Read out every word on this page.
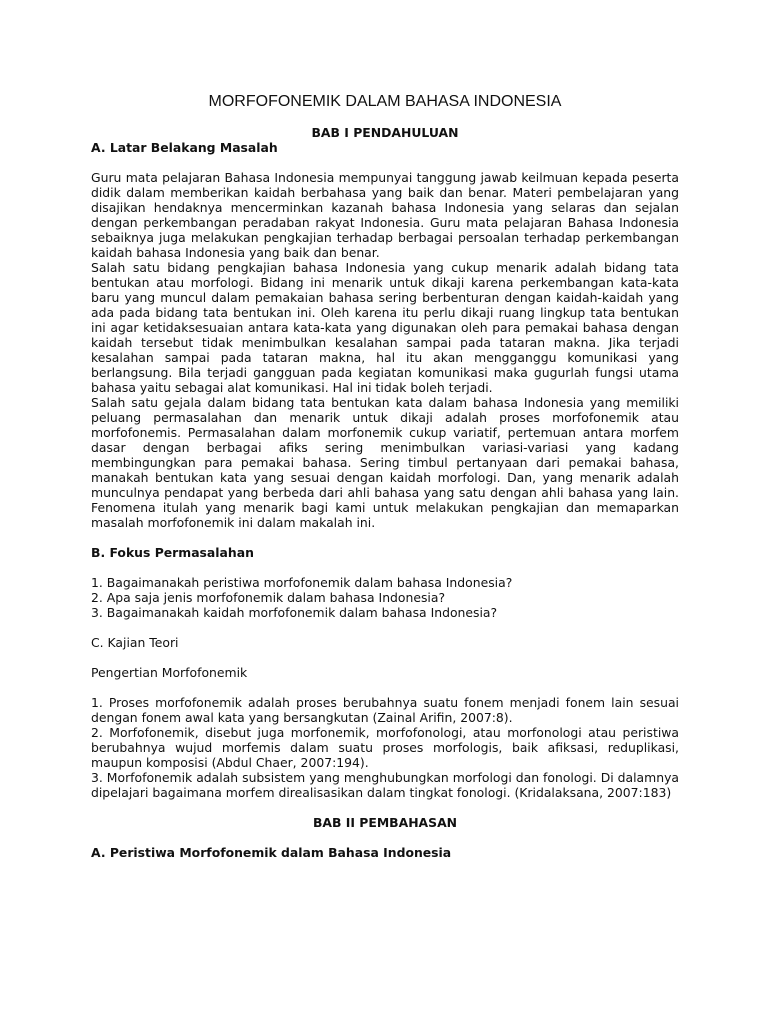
MORFOFONEMIK DALAM BAHASA INDONESIA

BAB I PENDAHULUAN

A. Latar Belakang Masalah

Guru mata pelajaran Bahasa Indonesia mempunyai tanggung jawab keilmuan kepada peserta didik dalam memberikan kaidah berbahasa yang baik dan benar. Materi pembelajaran yang disajikan hendaknya mencerminkan kazanah bahasa Indonesia yang selaras dan sejalan dengan perkembangan peradaban rakyat Indonesia. Guru mata pelajaran Bahasa Indonesia sebaiknya juga melakukan pengkajian terhadap berbagai persoalan terhadap perkembangan kaidah bahasa Indonesia yang baik dan benar.

Salah satu bidang pengkajian bahasa Indonesia yang cukup menarik adalah bidang tata bentukan atau morfologi. Bidang ini menarik untuk dikaji karena perkembangan kata-kata baru yang muncul dalam pemakaian bahasa sering berbenturan dengan kaidah-kaidah yang ada pada bidang tata bentukan ini. Oleh karena itu perlu dikaji ruang lingkup tata bentukan ini agar ketidaksesuaian antara kata-kata yang digunakan oleh para pemakai bahasa dengan kaidah tersebut tidak menimbulkan kesalahan sampai pada tataran makna. Jika terjadi kesalahan sampai pada tataran makna, hal itu akan mengganggu komunikasi yang berlangsung. Bila terjadi gangguan pada kegiatan komunikasi maka gugurlah fungsi utama bahasa yaitu sebagai alat komunikasi. Hal ini tidak boleh terjadi.

Salah satu gejala dalam bidang tata bentukan kata dalam bahasa Indonesia yang memiliki peluang permasalahan dan menarik untuk dikaji adalah proses morfofonemik atau morfofonemis. Permasalahan dalam morfonemik cukup variatif, pertemuan antara morfem dasar dengan berbagai afiks sering menimbulkan variasi-variasi yang kadang membingungkan para pemakai bahasa. Sering timbul pertanyaan dari pemakai bahasa, manakah bentukan kata yang sesuai dengan kaidah morfologi. Dan, yang menarik adalah munculnya pendapat yang berbeda dari ahli bahasa yang satu dengan ahli bahasa yang lain. Fenomena itulah yang menarik bagi kami untuk melakukan pengkajian dan memaparkan masalah morfofonemik ini dalam makalah ini.

B. Fokus Permasalahan

1. Bagaimanakah peristiwa morfofonemik dalam bahasa Indonesia?

2. Apa saja jenis morfofonemik dalam bahasa Indonesia?

3. Bagaimanakah kaidah morfofonemik dalam bahasa Indonesia?

C. Kajian Teori

Pengertian Morfofonemik

1. Proses morfofonemik adalah proses berubahnya suatu fonem menjadi fonem lain sesuai dengan fonem awal kata yang bersangkutan (Zainal Arifin, 2007:8).

2. Morfofonemik, disebut juga morfonemik, morfofonologi, atau morfonologi atau peristiwa berubahnya wujud morfemis dalam suatu proses morfologis, baik afiksasi, reduplikasi, maupun komposisi (Abdul Chaer, 2007:194).

3. Morfofonemik adalah subsistem yang menghubungkan morfologi dan fonologi. Di dalamnya dipelajari bagaimana morfem direalisasikan dalam tingkat fonologi. (Kridalaksana, 2007:183)

BAB II PEMBAHASAN

A. Peristiwa Morfofonemik dalam Bahasa Indonesia
